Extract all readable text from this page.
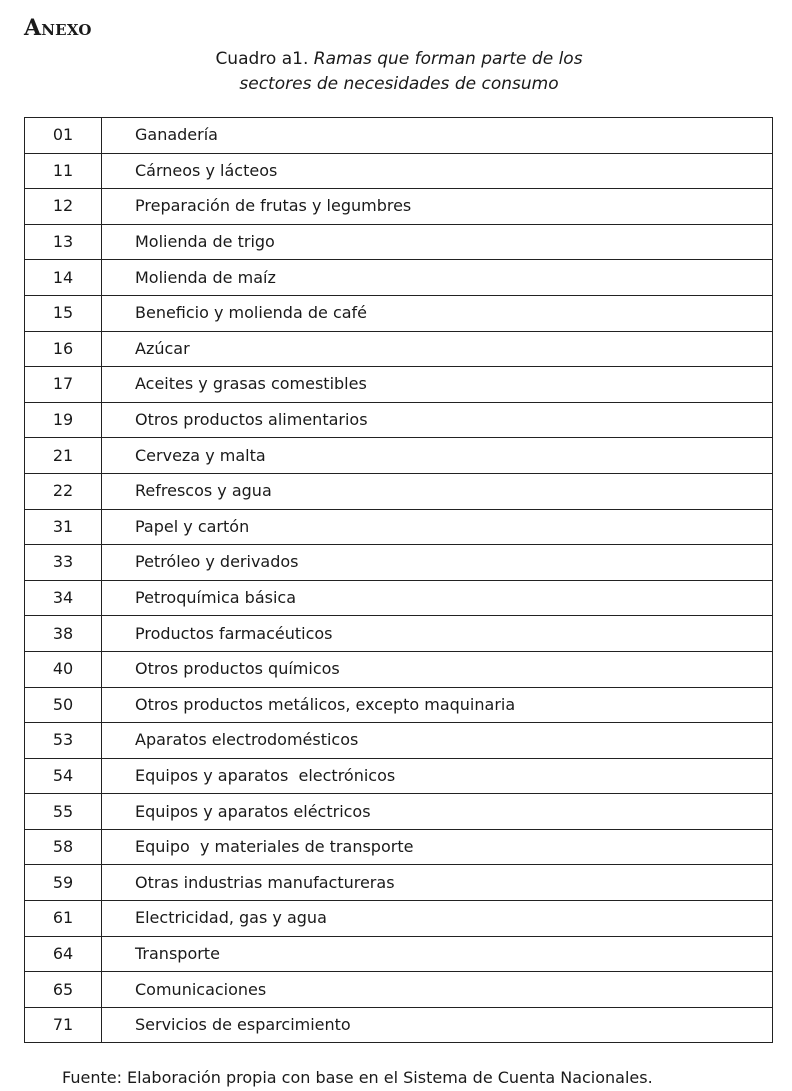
Anexo
Cuadro a1. Ramas que forman parte de los
sectores de necesidades de consumo
01	Ganadería
11	Cárneos y lácteos
12	Preparación de frutas y legumbres
13	Molienda de trigo
14	Molienda de maíz
15	Beneficio y molienda de café
16	Azúcar
17	Aceites y grasas comestibles
19	Otros productos alimentarios
21	Cerveza y malta
22	Refrescos y agua
31	Papel y cartón
33	Petróleo y derivados
34	Petroquímica básica
38	Productos farmacéuticos
40	Otros productos químicos
50	Otros productos metálicos, excepto maquinaria
53	Aparatos electrodomésticos
54	Equipos y aparatos  electrónicos
55	Equipos y aparatos eléctricos
58	Equipo  y materiales de transporte
59	Otras industrias manufactureras
61	Electricidad, gas y agua
64	Transporte
65	Comunicaciones
71	Servicios de esparcimiento
Fuente: Elaboración propia con base en el Sistema de Cuenta Nacionales.
